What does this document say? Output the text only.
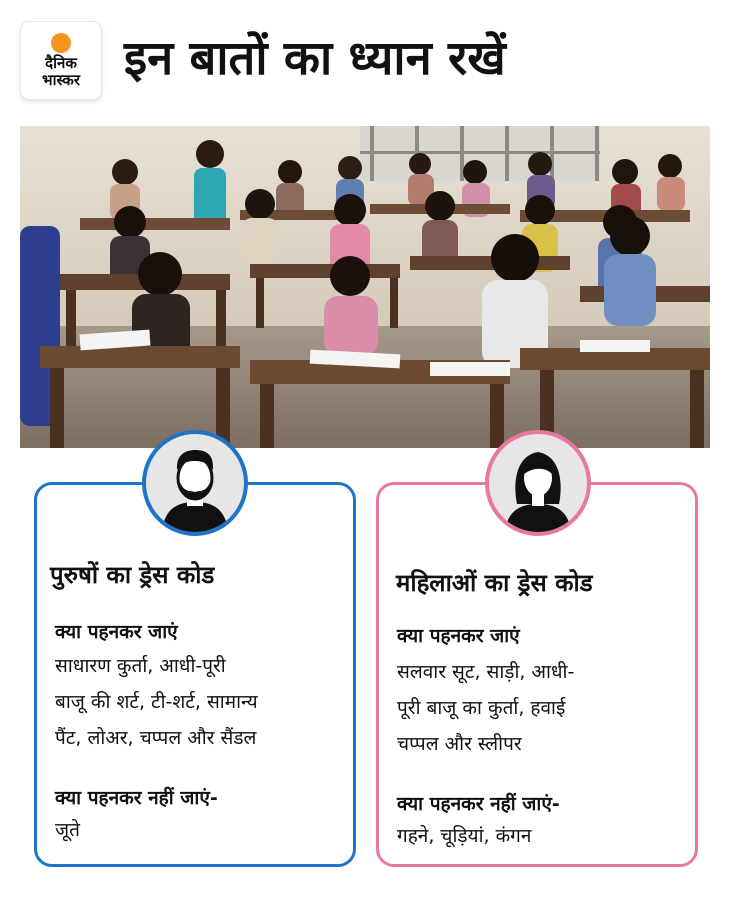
दैनिक
भास्कर इन बातों का ध्यान रखें
पुरुषों का ड्रेस कोड
क्या पहनकर जाएं
साधारण कुर्ता, आधी-पूरी
बाजू की शर्ट, टी-शर्ट, सामान्य
पैंट, लोअर, चप्पल और सैंडल
क्या पहनकर नहीं जाएं-
जूते
महिलाओं का ड्रेस कोड
क्या पहनकर जाएं
सलवार सूट, साड़ी, आधी-
पूरी बाजू का कुर्ता, हवाई
चप्पल और स्लीपर
क्या पहनकर नहीं जाएं-
गहने, चूड़ियां, कंगन
